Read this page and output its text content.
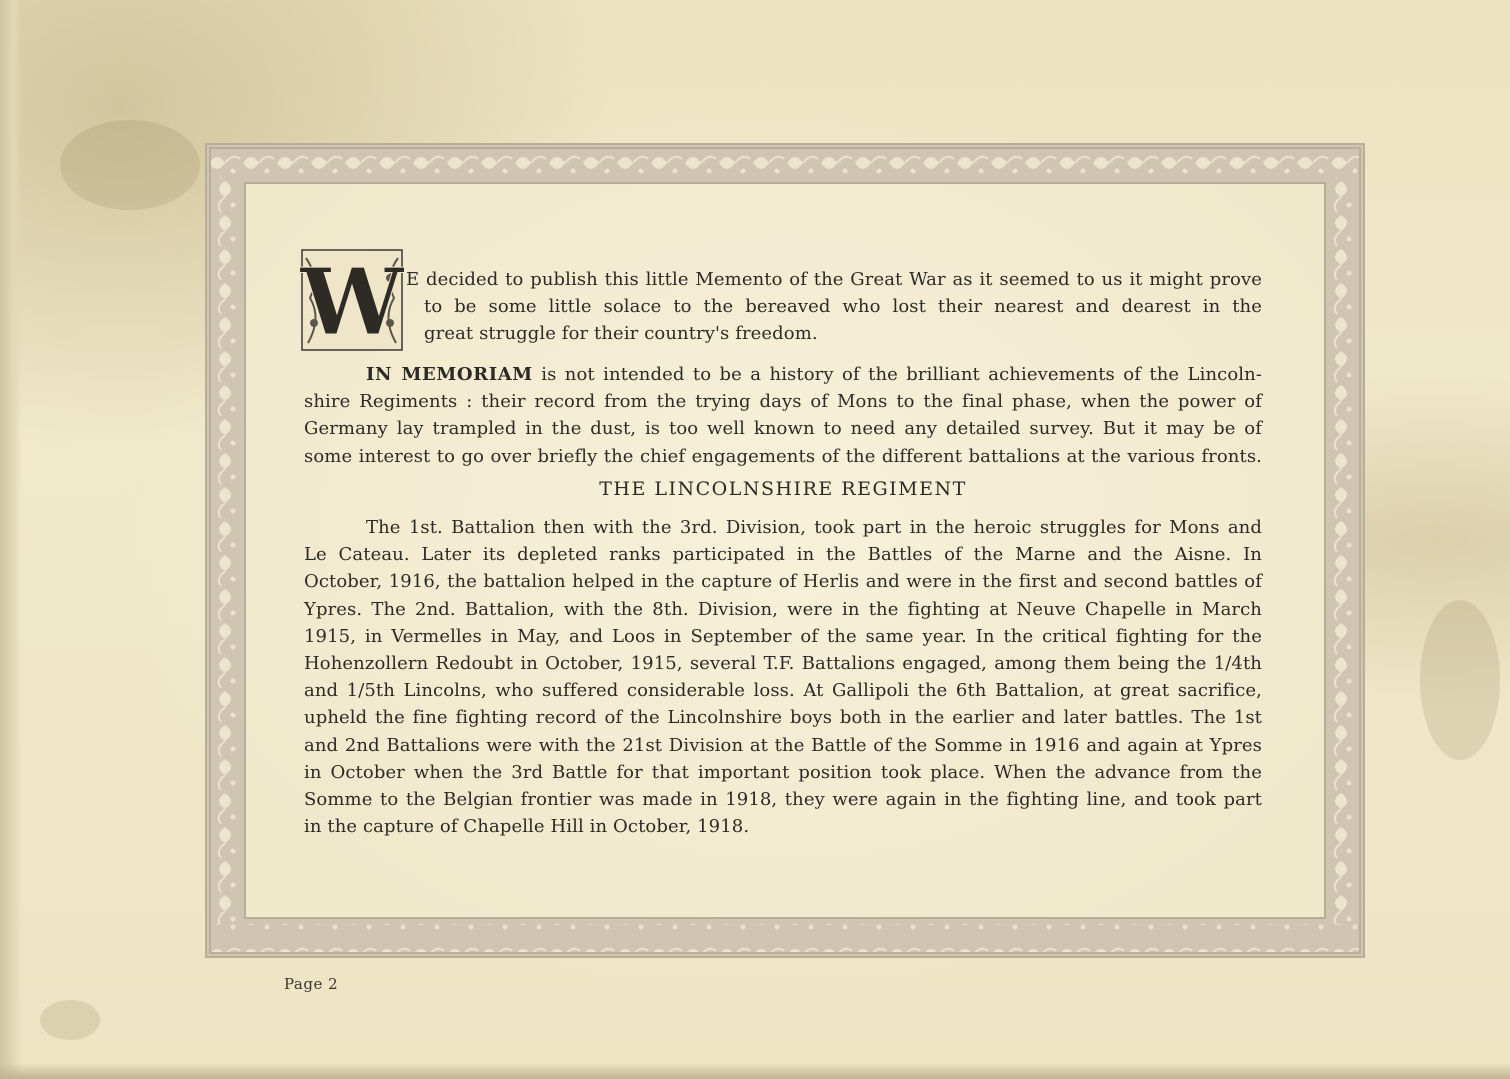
W E decided to publish this little Memento of the Great War as it seemed to us it might prove
to be some little solace to the bereaved who lost their nearest and dearest in the
great struggle for their country's freedom.
IN MEMORIAM is not intended to be a history of the brilliant achievements of the Lincoln-
shire Regiments : their record from the trying days of Mons to the final phase, when the power of
Germany lay trampled in the dust, is too well known to need any detailed survey. But it may be of
some interest to go over briefly the chief engagements of the different battalions at the various fronts.
THE LINCOLNSHIRE REGIMENT
The 1st. Battalion then with the 3rd. Division, took part in the heroic struggles for Mons and
Le Cateau. Later its depleted ranks participated in the Battles of the Marne and the Aisne. In
October, 1916, the battalion helped in the capture of Herlis and were in the first and second battles of
Ypres. The 2nd. Battalion, with the 8th. Division, were in the fighting at Neuve Chapelle in March
1915, in Vermelles in May, and Loos in September of the same year. In the critical fighting for the
Hohenzollern Redoubt in October, 1915, several T.F. Battalions engaged, among them being the 1/4th
and 1/5th Lincolns, who suffered considerable loss. At Gallipoli the 6th Battalion, at great sacrifice,
upheld the fine fighting record of the Lincolnshire boys both in the earlier and later battles. The 1st
and 2nd Battalions were with the 21st Division at the Battle of the Somme in 1916 and again at Ypres
in October when the 3rd Battle for that important position took place. When the advance from the
Somme to the Belgian frontier was made in 1918, they were again in the fighting line, and took part
in the capture of Chapelle Hill in October, 1918.
Page 2
